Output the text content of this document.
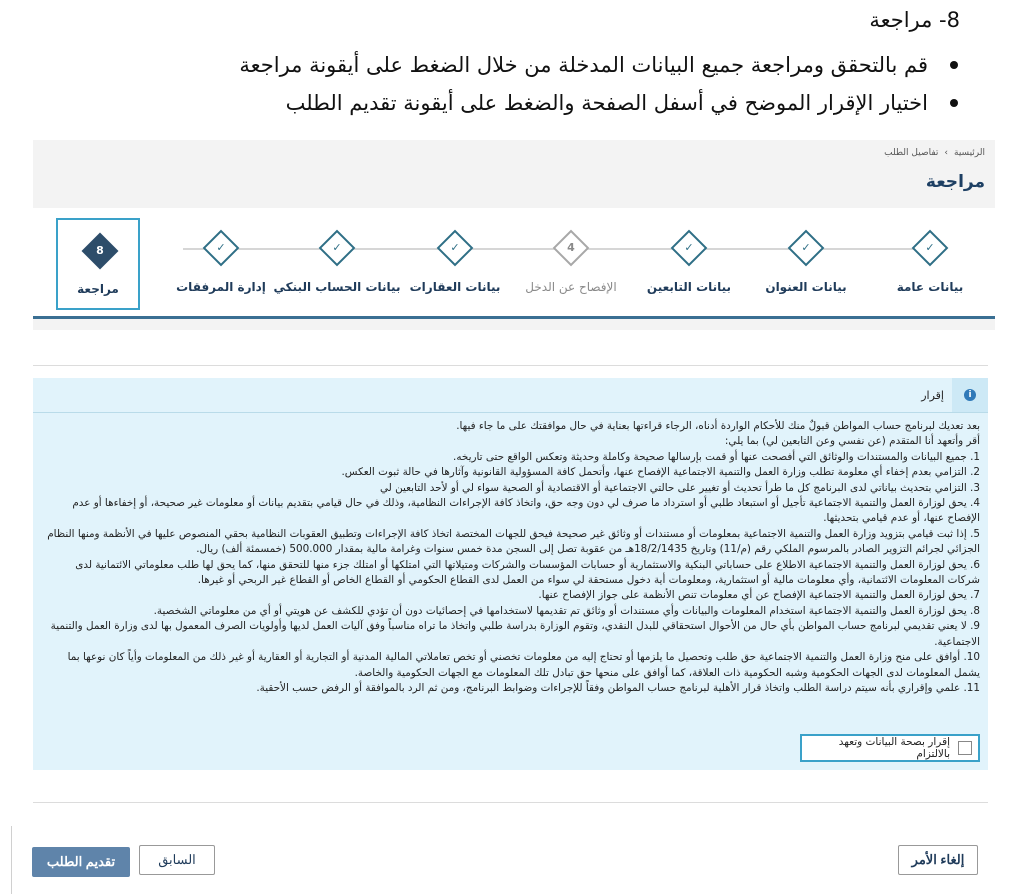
8- مراجعة
قم بالتحقق ومراجعة جميع البيانات المدخلة من خلال الضغط على أيقونة مراجعة
اختيار الإقرار الموضح في أسفل الصفحة والضغط على أيقونة تقديم الطلب
الرئيسية
›
تفاصيل الطلب
مراجعة
✓
بيانات عامة
✓
بيانات العنوان
✓
بيانات التابعين
4
الإفصاح عن الدخل
✓
بيانات العقارات
✓
بيانات الحساب البنكي
✓
إدارة المرفقات
8
مراجعة
i
إقرار

بعد تعديك لبرنامج حساب المواطن قبولٌ منك للأحكام الواردة أدناه، الرجاء قراءتها بعناية في حال موافقتك على ما جاء فيها.

أقر وأتعهد أنا المتقدم (عن نفسي وعن التابعين لي) بما يلي:

1. جميع البيانات والمستندات والوثائق التي أفصحت عنها أو قمت بإرسالها صحيحة وكاملة وحديثة وتعكس الواقع حتى تاريخه.
2. التزامي بعدم إخفاء أي معلومة تطلب وزارة العمل والتنمية الاجتماعية الإفصاح عنها، وأتحمل كافة المسؤولية القانونية وآثارها في حالة ثبوت العكس.
3. التزامي بتحديث بياناتي لدى البرنامج كل ما طرأ تحديث أو تغيير على حالتي الاجتماعية أو الاقتصادية أو الصحية سواء لي أو لأحد التابعين لي
4. يحق لوزارة العمل والتنمية الاجتماعية تأجيل أو استبعاد طلبي أو استرداد ما صرف لي دون وجه حق، واتخاذ كافة الإجراءات النظامية، وذلك في حال قيامي بتقديم بيانات أو معلومات غير صحيحة، أو إخفاءها أو عدم الإفصاح عنها، أو عدم قيامي بتحديثها.
5. إذا ثبت قيامي بتزويد وزارة العمل والتنمية الاجتماعية بمعلومات أو مستندات أو وثائق غير صحيحة فيحق للجهات المختصة اتخاذ كافة الإجراءات وتطبيق العقوبات النظامية بحقي المنصوص عليها في الأنظمة ومنها النظام الجزائي لجرائم التزوير الصادر بالمرسوم الملكي رقم (م/11) وتاريخ 18/2/1435هـ من عقوبة تصل إلى السجن مدة خمس سنوات وغرامة مالية بمقدار 500.000 (خمسمئة ألف) ريال.
6. يحق لوزارة العمل والتنمية الاجتماعية الاطلاع على حساباتي البنكية والاستثمارية أو حسابات المؤسسات والشركات ومتيلاتها التي امتلكها أو امتلك جزء منها للتحقق منها، كما يحق لها طلب معلوماتي الائتمانية لدى شركات المعلومات الائتمانية، وأي معلومات مالية أو استثمارية، ومعلومات أية دخول مستحقة لي سواء من العمل لدى القطاع الحكومي أو القطاع الخاص أو القطاع غير الربحي أو غيرها.
7. يحق لوزارة العمل والتنمية الاجتماعية الإفصاح عن أي معلومات تنص الأنظمة على جواز الإفصاح عنها.
8. يحق لوزارة العمل والتنمية الاجتماعية استخدام المعلومات والبيانات وأي مستندات أو وثائق تم تقديمها لاستخدامها في إحصائيات دون أن تؤدي للكشف عن هويتي أو أي من معلوماتي الشخصية.
9. لا يعني تقديمي لبرنامج حساب المواطن بأي حال من الأحوال استحقاقي للبدل النقدي، وتقوم الوزارة بدراسة طلبي واتخاذ ما تراه مناسباً وفق آليات العمل لديها وأولويات الصرف المعمول بها لدى وزارة العمل والتنمية الاجتماعية.
10. أوافق على منح وزارة العمل والتنمية الاجتماعية حق طلب وتحصيل ما يلزمها أو تحتاج إليه من معلومات تخصني أو تخص تعاملاتي المالية المدنية أو التجارية أو العقارية أو غير ذلك من المعلومات وأياً كان نوعها بما يشمل المعلومات لدى الجهات الحكومية وشبه الحكومية ذات العلاقة، كما أوافق على منحها حق تبادل تلك المعلومات مع الجهات الحكومية والخاصة.
11. علمي وإقراري بأنه سيتم دراسة الطلب واتخاذ قرار الأهلية لبرنامج حساب المواطن وفقاً للإجراءات وضوابط البرنامج، ومن ثم الرد بالموافقة أو الرفض حسب الأحقية.
إقرار بصحة البيانات وتعهد بالالتزام
إلغاء الأمر
السابق
تقديم الطلب
